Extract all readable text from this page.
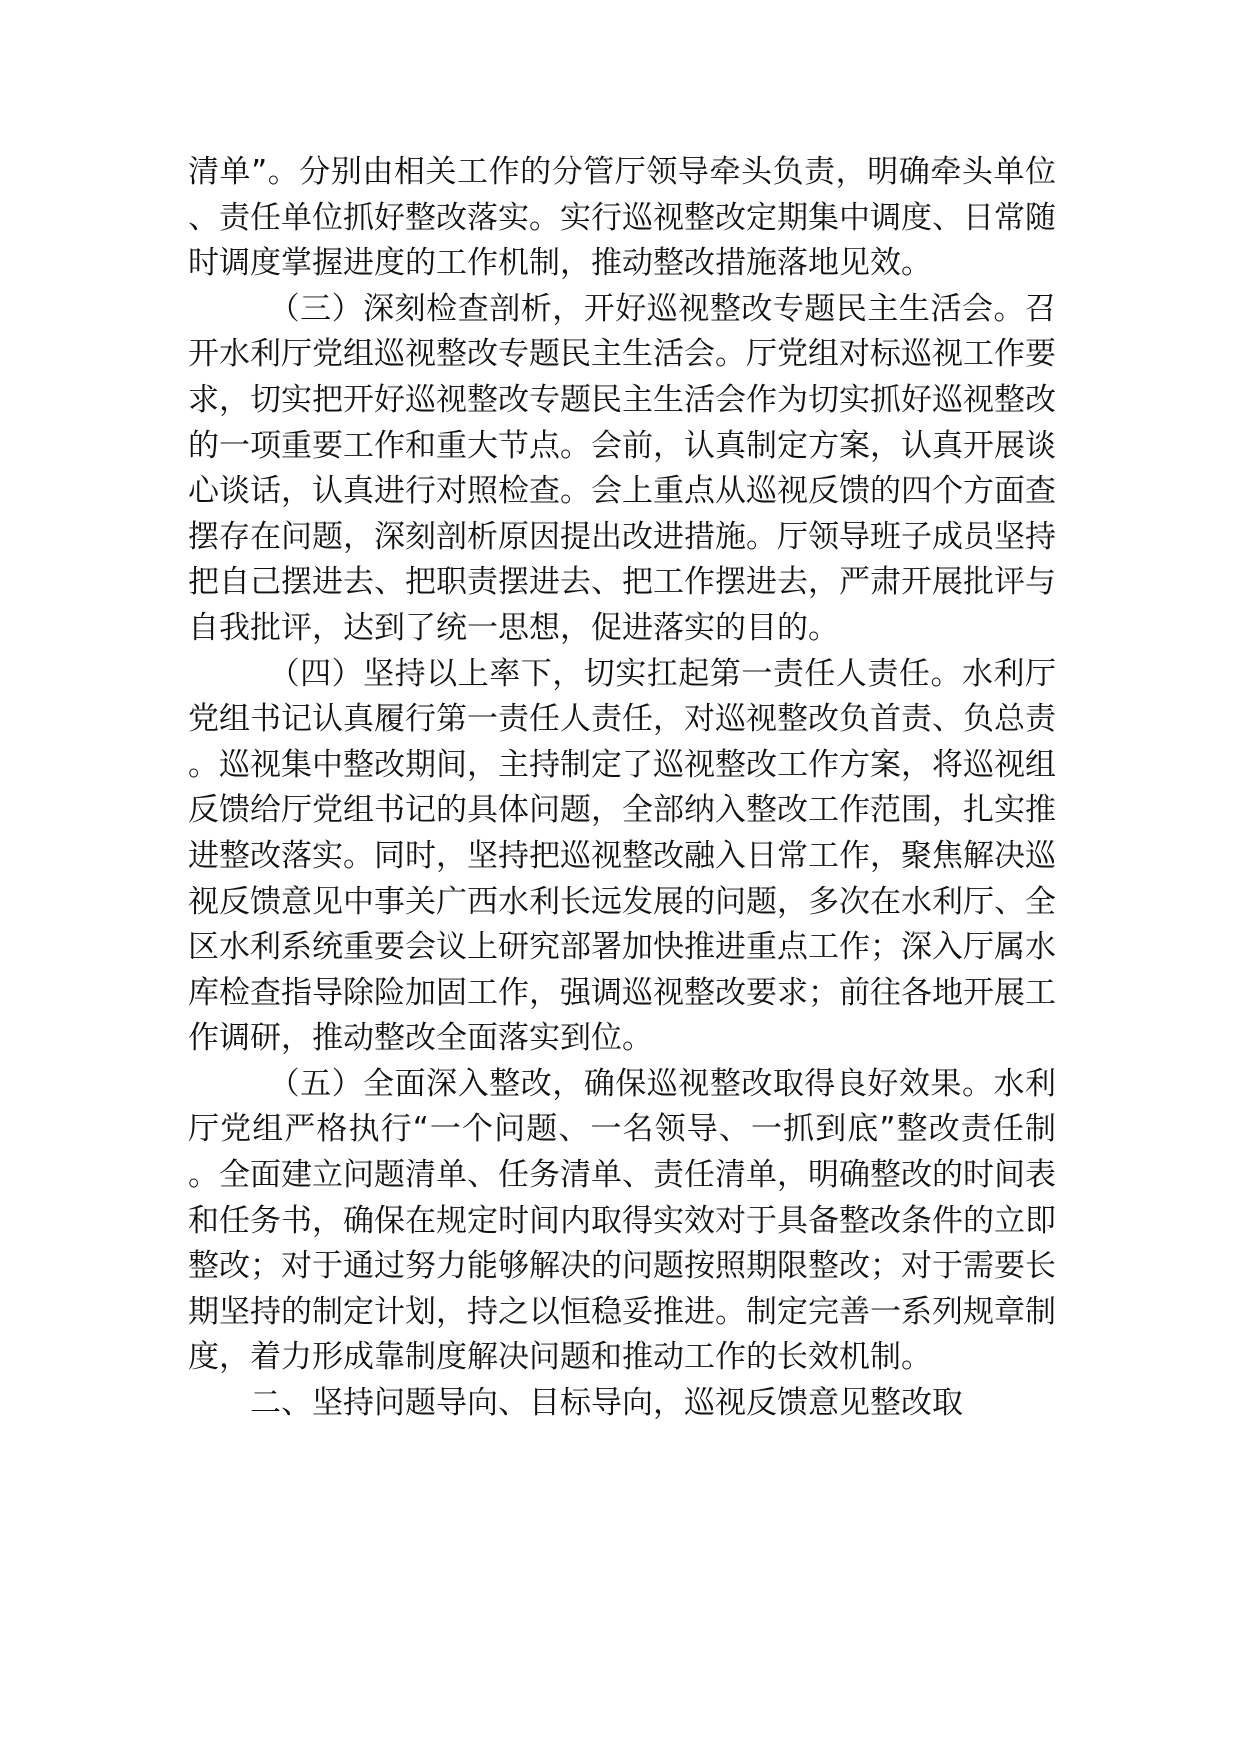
清单”。分别由相关工作的分管厅领导牵头负责，明确牵头单位、责任单位抓好整改落实。实行巡视整改定期集中调度、日常随时调度掌握进度的工作机制，推动整改措施落地见效。

（三）深刻检查剖析，开好巡视整改专题民主生活会。召开水利厅党组巡视整改专题民主生活会。厅党组对标巡视工作要求，切实把开好巡视整改专题民主生活会作为切实抓好巡视整改的一项重要工作和重大节点。会前，认真制定方案，认真开展谈心谈话，认真进行对照检查。会上重点从巡视反馈的四个方面查摆存在问题，深刻剖析原因提出改进措施。厅领导班子成员坚持把自己摆进去、把职责摆进去、把工作摆进去，严肃开展批评与自我批评，达到了统一思想，促进落实的目的。

（四）坚持以上率下，切实扛起第一责任人责任。水利厅党组书记认真履行第一责任人责任，对巡视整改负首责、负总责。巡视集中整改期间，主持制定了巡视整改工作方案，将巡视组反馈给厅党组书记的具体问题，全部纳入整改工作范围，扎实推进整改落实。同时，坚持把巡视整改融入日常工作，聚焦解决巡视反馈意见中事关广西水利长远发展的问题，多次在水利厅、全区水利系统重要会议上研究部署加快推进重点工作；深入厅属水库检查指导除险加固工作，强调巡视整改要求；前往各地开展工作调研，推动整改全面落实到位。

（五）全面深入整改，确保巡视整改取得良好效果。水利厅党组严格执行“一个问题、一名领导、一抓到底”整改责任制。全面建立问题清单、任务清单、责任清单，明确整改的时间表和任务书，确保在规定时间内取得实效对于具备整改条件的立即整改；对于通过努力能够解决的问题按照期限整改；对于需要长期坚持的制定计划，持之以恒稳妥推进。制定完善一系列规章制度，着力形成靠制度解决问题和推动工作的长效机制。

二、坚持问题导向、目标导向，巡视反馈意见整改取
